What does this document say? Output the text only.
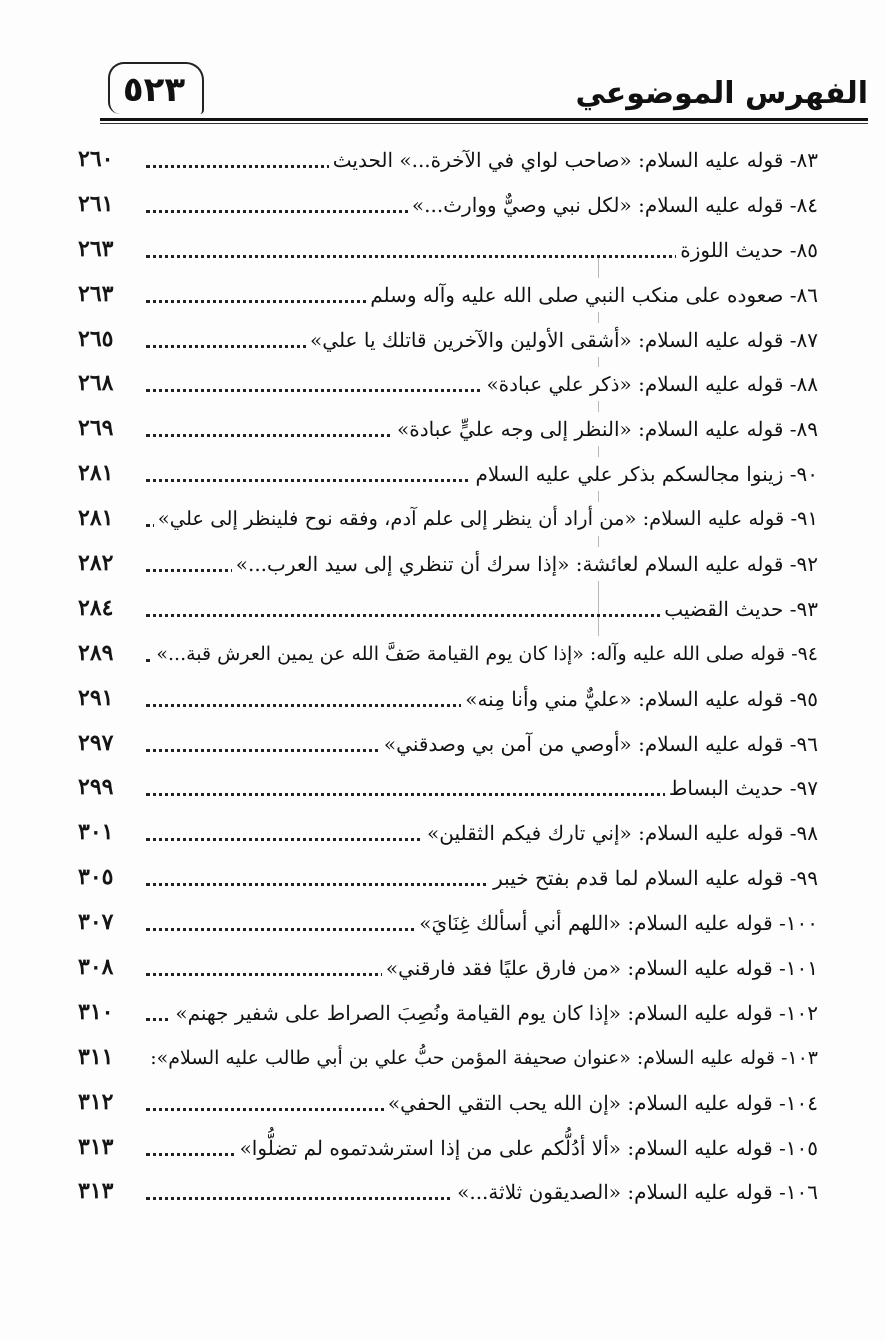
٥٢٣	الفهرس الموضوعي
٢٦٠	٨٣- قوله عليه السلام: «صاحب لواي في الآخرة...» الحديث
٢٦١	٨٤- قوله عليه السلام: «لكل نبي وصيٌّ ووارث...»
٢٦٣	٨٥- حديث اللوزة
٢٦٣	٨٦- صعوده على منكب النبي صلى الله عليه وآله وسلم
٢٦٥	٨٧- قوله عليه السلام: «أشقى الأولين والآخرين قاتلك يا علي»
٢٦٨	٨٨- قوله عليه السلام: «ذكر علي عبادة»
٢٦٩	٨٩- قوله عليه السلام: «النظر إلى وجه عليٍّ عبادة»
٢٨١	٩٠- زينوا مجالسكم بذكر علي عليه السلام
٢٨١	٩١- قوله عليه السلام: «من أراد أن ينظر إلى علم آدم، وفقه نوح فلينظر إلى علي»
٢٨٢	٩٢- قوله عليه السلام لعائشة: «إذا سرك أن تنظري إلى سيد العرب...»
٢٨٤	٩٣- حديث القضيب
٢٨٩	٩٤- قوله صلى الله عليه وآله: «إذا كان يوم القيامة صَفَّ الله عن يمين العرش قبة...»
٢٩١	٩٥- قوله عليه السلام: «عليٌّ مني وأنا مِنه»
٢٩٧	٩٦- قوله عليه السلام: «أوصي من آمن بي وصدقني»
٢٩٩	٩٧- حديث البساط
٣٠١	٩٨- قوله عليه السلام: «إني تارك فيكم الثقلين»
٣٠٥	٩٩- قوله عليه السلام لما قدم بفتح خيبر
٣٠٧	١٠٠- قوله عليه السلام: «اللهم أني أسألك غِنَايَ»
٣٠٨	١٠١- قوله عليه السلام: «من فارق عليًا فقد فارقني»
٣١٠	١٠٢- قوله عليه السلام: «إذا كان يوم القيامة ونُصِبَ الصراط على شفير جهنم»
٣١١	١٠٣- قوله عليه السلام: «عنوان صحيفة المؤمن حبُّ علي بن أبي طالب عليه السلام»:
٣١٢	١٠٤- قوله عليه السلام: «إن الله يحب التقي الحفي»
٣١٣	١٠٥- قوله عليه السلام: «ألا أدُلُّكم على من إذا استرشدتموه لم تضلُّوا»
٣١٣	١٠٦- قوله عليه السلام: «الصديقون ثلاثة...»
